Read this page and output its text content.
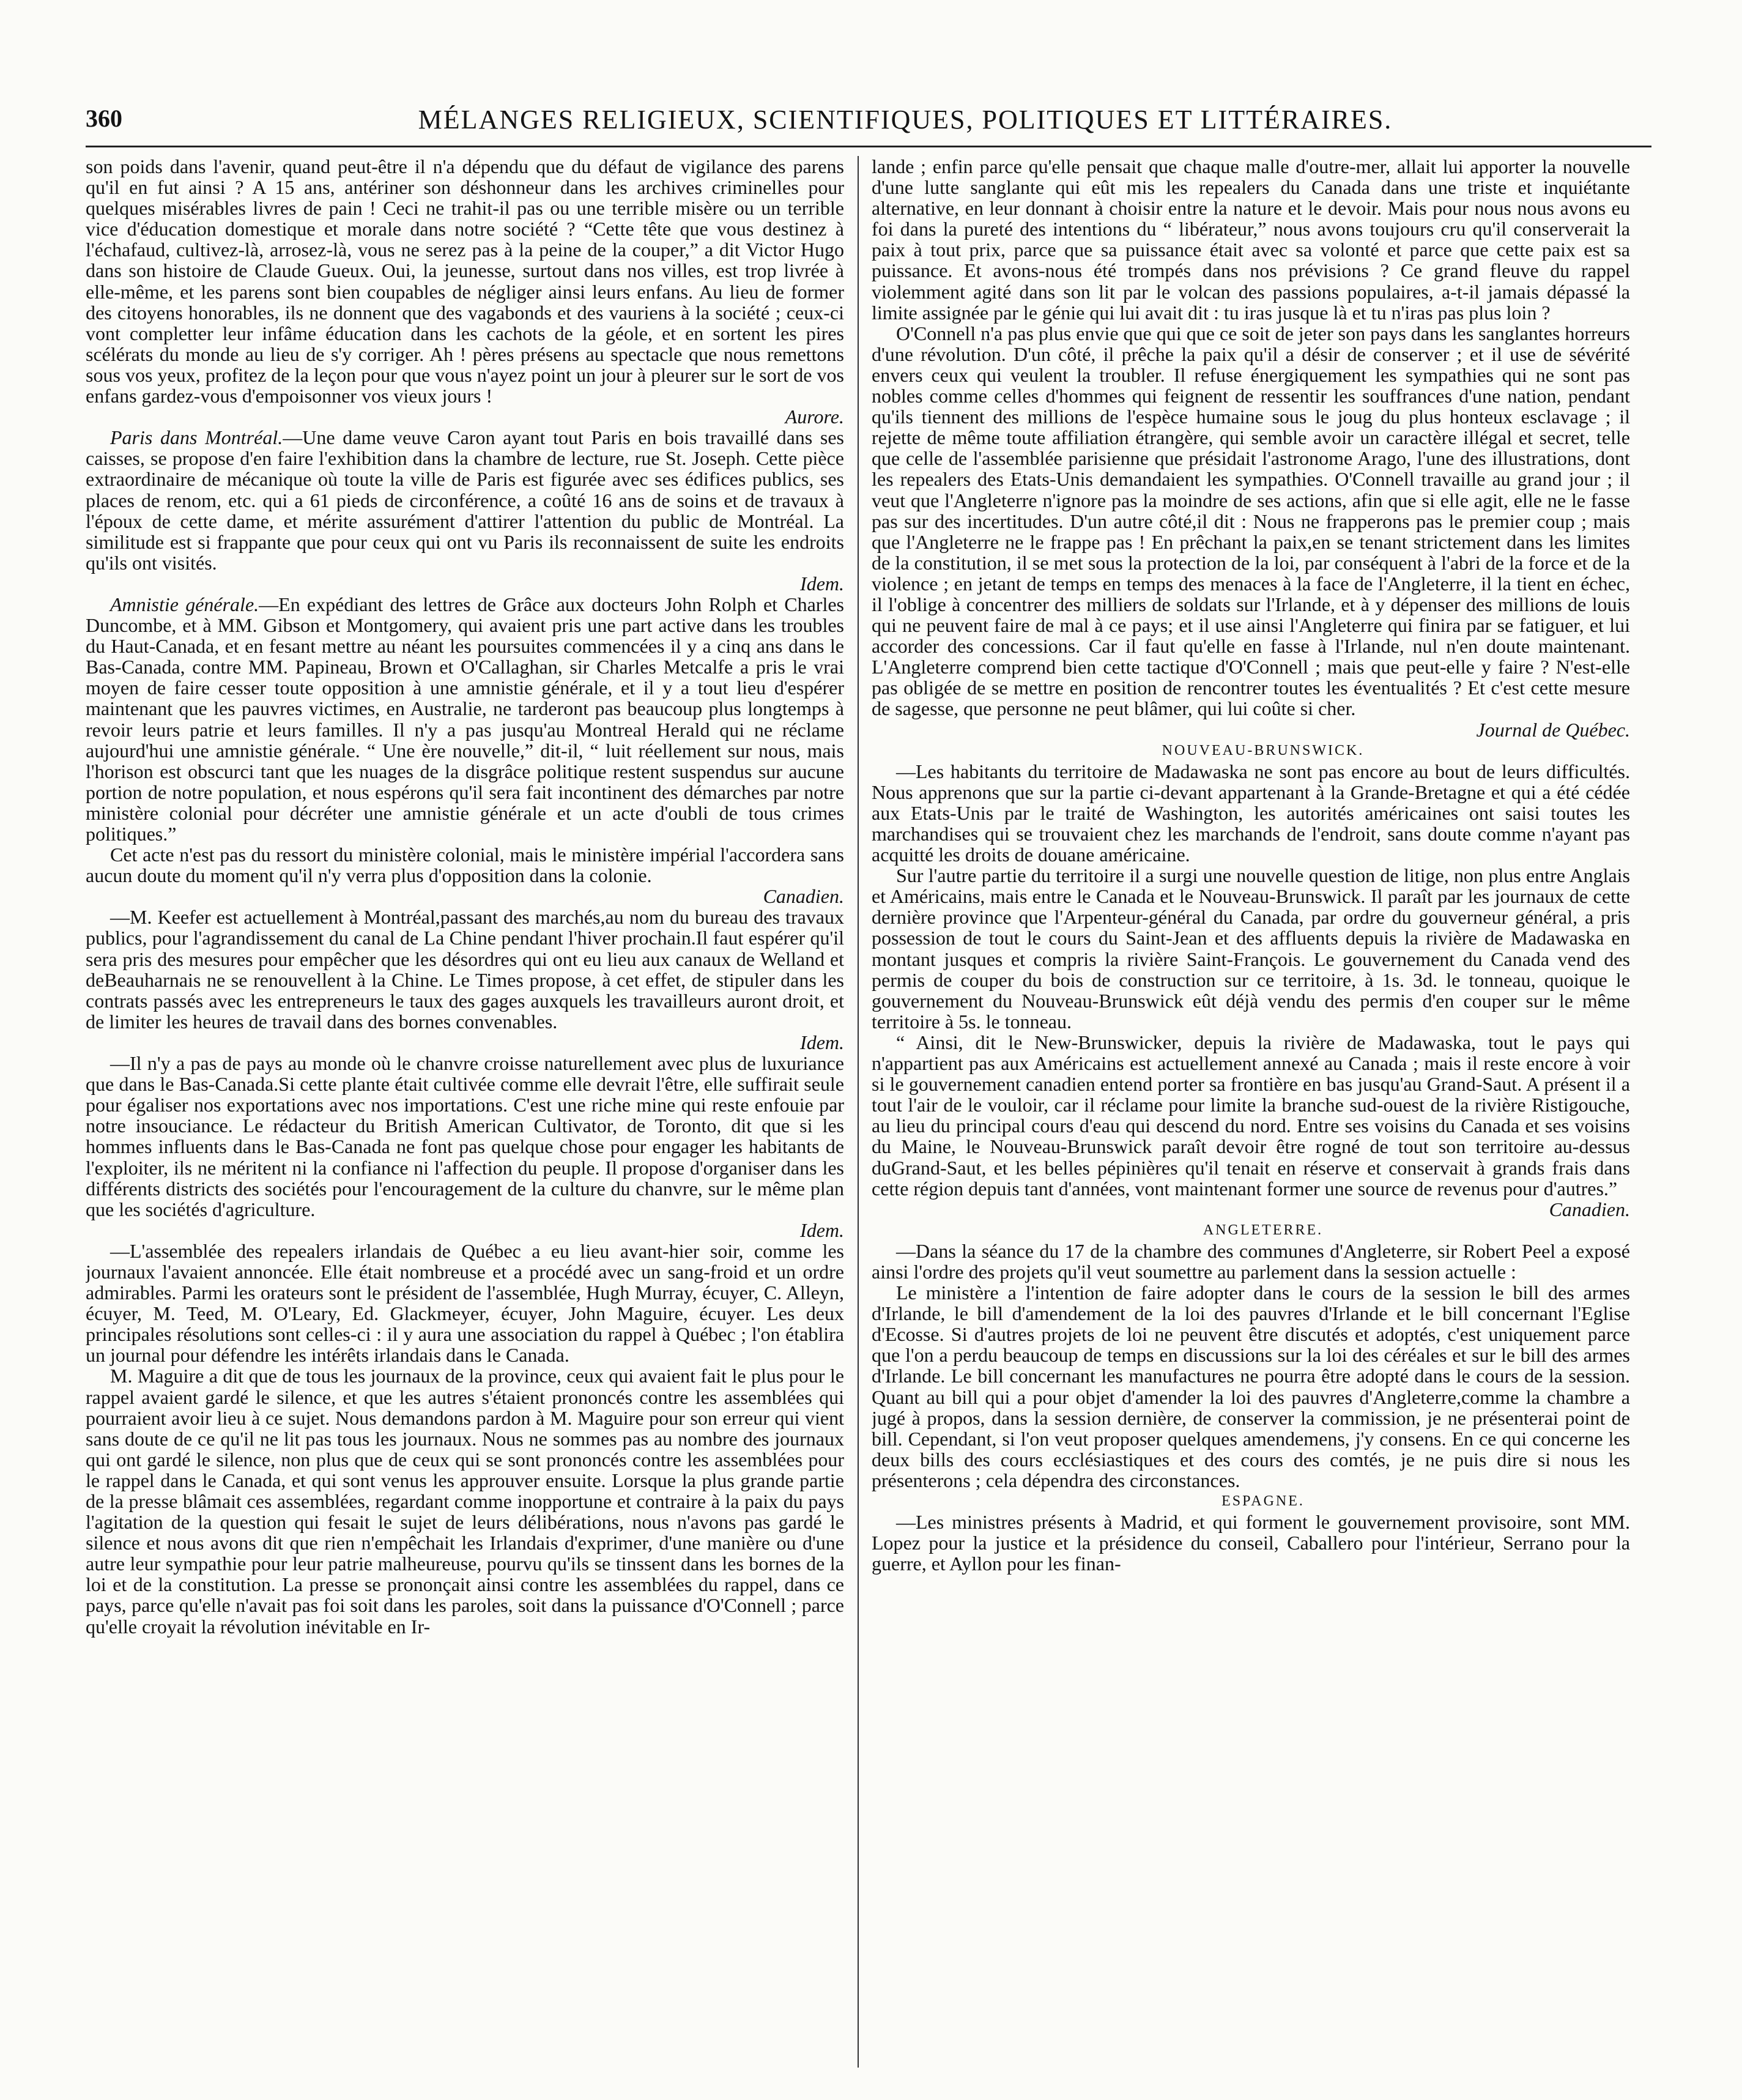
360	MÉLANGES RELIGIEUX, SCIENTIFIQUES, POLITIQUES ET LITTÉRAIRES.

son poids dans l'avenir, quand peut-être il n'a dépendu que du défaut de vigilance des parens qu'il en fut ainsi ? A 15 ans, antériner son déshonneur dans les archives criminelles pour quelques misérables livres de pain ! Ceci ne trahit-il pas ou une terrible misère ou un terrible vice d'éducation domestique et morale dans notre société ? “Cette tête que vous destinez à l'échafaud, cultivez-là, arrosez-là, vous ne serez pas à la peine de la couper,” a dit Victor Hugo dans son histoire de Claude Gueux. Oui, la jeunesse, surtout dans nos villes, est trop livrée à elle-même, et les parens sont bien coupables de négliger ainsi leurs enfans. Au lieu de former des citoyens honorables, ils ne donnent que des vagabonds et des vauriens à la société ; ceux-ci vont completter leur infâme éducation dans les cachots de la géole, et en sortent les pires scélérats du monde au lieu de s'y corriger. Ah ! pères présens au spectacle que nous remettons sous vos yeux, profitez de la leçon pour que vous n'ayez point un jour à pleurer sur le sort de vos enfans gardez-vous d'empoisonner vos vieux jours !

Aurore.

Paris dans Montréal.—Une dame veuve Caron ayant tout Paris en bois travaillé dans ses caisses, se propose d'en faire l'exhibition dans la chambre de lecture, rue St. Joseph. Cette pièce extraordinaire de mécanique où toute la ville de Paris est figurée avec ses édifices publics, ses places de renom, etc. qui a 61 pieds de circonférence, a coûté 16 ans de soins et de travaux à l'époux de cette dame, et mérite assurément d'attirer l'attention du public de Montréal. La similitude est si frappante que pour ceux qui ont vu Paris ils reconnaissent de suite les endroits qu'ils ont visités.

Idem.

Amnistie générale.—En expédiant des lettres de Grâce aux docteurs John Rolph et Charles Duncombe, et à MM. Gibson et Montgomery, qui avaient pris une part active dans les troubles du Haut-Canada, et en fesant mettre au néant les poursuites commencées il y a cinq ans dans le Bas-Canada, contre MM. Papineau, Brown et O'Callaghan, sir Charles Metcalfe a pris le vrai moyen de faire cesser toute opposition à une amnistie générale, et il y a tout lieu d'espérer maintenant que les pauvres victimes, en Australie, ne tarderont pas beaucoup plus longtemps à revoir leurs patrie et leurs familles. Il n'y a pas jusqu'au Montreal Herald qui ne réclame aujourd'hui une amnistie générale. “ Une ère nouvelle,” dit-il, “ luit réellement sur nous, mais l'horison est obscurci tant que les nuages de la disgrâce politique restent suspendus sur aucune portion de notre population, et nous espérons qu'il sera fait incontinent des démarches par notre ministère colonial pour décréter une amnistie générale et un acte d'oubli de tous crimes politiques.”

Cet acte n'est pas du ressort du ministère colonial, mais le ministère impérial l'accordera sans aucun doute du moment qu'il n'y verra plus d'opposition dans la colonie.

Canadien.

—M. Keefer est actuellement à Montréal,passant des marchés,au nom du bureau des travaux publics, pour l'agrandissement du canal de La Chine pendant l'hiver prochain.Il faut espérer qu'il sera pris des mesures pour empêcher que les désordres qui ont eu lieu aux canaux de Welland et deBeauharnais ne se renouvellent à la Chine. Le Times propose, à cet effet, de stipuler dans les contrats passés avec les entrepreneurs le taux des gages auxquels les travailleurs auront droit, et de limiter les heures de travail dans des bornes convenables.

Idem.

—Il n'y a pas de pays au monde où le chanvre croisse naturellement avec plus de luxuriance que dans le Bas-Canada.Si cette plante était cultivée comme elle devrait l'être, elle suffirait seule pour égaliser nos exportations avec nos importations. C'est une riche mine qui reste enfouie par notre insouciance. Le rédacteur du British American Cultivator, de Toronto, dit que si les hommes influents dans le Bas-Canada ne font pas quelque chose pour engager les habitants de l'exploiter, ils ne méritent ni la confiance ni l'affection du peuple. Il propose d'organiser dans les différents districts des sociétés pour l'encouragement de la culture du chanvre, sur le même plan que les sociétés d'agriculture.

Idem.

—L'assemblée des repealers irlandais de Québec a eu lieu avant-hier soir, comme les journaux l'avaient annoncée. Elle était nombreuse et a procédé avec un sang-froid et un ordre admirables. Parmi les orateurs sont le président de l'assemblée, Hugh Murray, écuyer, C. Alleyn, écuyer, M. Teed, M. O'Leary, Ed. Glackmeyer, écuyer, John Maguire, écuyer. Les deux principales résolutions sont celles-ci : il y aura une association du rappel à Québec ; l'on établira un journal pour défendre les intérêts irlandais dans le Canada.

M. Maguire a dit que de tous les journaux de la province, ceux qui avaient fait le plus pour le rappel avaient gardé le silence, et que les autres s'étaient prononcés contre les assemblées qui pourraient avoir lieu à ce sujet. Nous demandons pardon à M. Maguire pour son erreur qui vient sans doute de ce qu'il ne lit pas tous les journaux. Nous ne sommes pas au nombre des journaux qui ont gardé le silence, non plus que de ceux qui se sont prononcés contre les assemblées pour le rappel dans le Canada, et qui sont venus les approuver ensuite. Lorsque la plus grande partie de la presse blâmait ces assemblées, regardant comme inopportune et contraire à la paix du pays l'agitation de la question qui fesait le sujet de leurs délibérations, nous n'avons pas gardé le silence et nous avons dit que rien n'empêchait les Irlandais d'exprimer, d'une manière ou d'une autre leur sympathie pour leur patrie malheureuse, pourvu qu'ils se tinssent dans les bornes de la loi et de la constitution. La presse se prononçait ainsi contre les assemblées du rappel, dans ce pays, parce qu'elle n'avait pas foi soit dans les paroles, soit dans la puissance d'O'Connell ; parce qu'elle croyait la révolution inévitable en Ir-

lande ; enfin parce qu'elle pensait que chaque malle d'outre-mer, allait lui apporter la nouvelle d'une lutte sanglante qui eût mis les repealers du Canada dans une triste et inquiétante alternative, en leur donnant à choisir entre la nature et le devoir. Mais pour nous nous avons eu foi dans la pureté des intentions du “ libérateur,” nous avons toujours cru qu'il conserverait la paix à tout prix, parce que sa puissance était avec sa volonté et parce que cette paix est sa puissance. Et avons-nous été trompés dans nos prévisions ? Ce grand fleuve du rappel violemment agité dans son lit par le volcan des passions populaires, a-t-il jamais dépassé la limite assignée par le génie qui lui avait dit : tu iras jusque là et tu n'iras pas plus loin ?

O'Connell n'a pas plus envie que qui que ce soit de jeter son pays dans les sanglantes horreurs d'une révolution. D'un côté, il prêche la paix qu'il a désir de conserver ; et il use de sévérité envers ceux qui veulent la troubler. Il refuse énergiquement les sympathies qui ne sont pas nobles comme celles d'hommes qui feignent de ressentir les souffrances d'une nation, pendant qu'ils tiennent des millions de l'espèce humaine sous le joug du plus honteux esclavage ; il rejette de même toute affiliation étrangère, qui semble avoir un caractère illégal et secret, telle que celle de l'assemblée parisienne que présidait l'astronome Arago, l'une des illustrations, dont les repealers des Etats-Unis demandaient les sympathies. O'Connell travaille au grand jour ; il veut que l'Angleterre n'ignore pas la moindre de ses actions, afin que si elle agit, elle ne le fasse pas sur des incertitudes. D'un autre côté,il dit : Nous ne frapperons pas le premier coup ; mais que l'Angleterre ne le frappe pas ! En prêchant la paix,en se tenant strictement dans les limites de la constitution, il se met sous la protection de la loi, par conséquent à l'abri de la force et de la violence ; en jetant de temps en temps des menaces à la face de l'Angleterre, il la tient en échec, il l'oblige à concentrer des milliers de soldats sur l'Irlande, et à y dépenser des millions de louis qui ne peuvent faire de mal à ce pays; et il use ainsi l'Angleterre qui finira par se fatiguer, et lui accorder des concessions. Car il faut qu'elle en fasse à l'Irlande, nul n'en doute maintenant. L'Angleterre comprend bien cette tactique d'O'Connell ; mais que peut-elle y faire ? N'est-elle pas obligée de se mettre en position de rencontrer toutes les éventualités ? Et c'est cette mesure de sagesse, que personne ne peut blâmer, qui lui coûte si cher.

Journal de Québec.

NOUVEAU-BRUNSWICK.

—Les habitants du territoire de Madawaska ne sont pas encore au bout de leurs difficultés. Nous apprenons que sur la partie ci-devant appartenant à la Grande-Bretagne et qui a été cédée aux Etats-Unis par le traité de Washington, les autorités américaines ont saisi toutes les marchandises qui se trouvaient chez les marchands de l'endroit, sans doute comme n'ayant pas acquitté les droits de douane américaine.

Sur l'autre partie du territoire il a surgi une nouvelle question de litige, non plus entre Anglais et Américains, mais entre le Canada et le Nouveau-Brunswick. Il paraît par les journaux de cette dernière province que l'Arpenteur-général du Canada, par ordre du gouverneur général, a pris possession de tout le cours du Saint-Jean et des affluents depuis la rivière de Madawaska en montant jusques et compris la rivière Saint-François. Le gouvernement du Canada vend des permis de couper du bois de construction sur ce territoire, à 1s. 3d. le tonneau, quoique le gouvernement du Nouveau-Brunswick eût déjà vendu des permis d'en couper sur le même territoire à 5s. le tonneau.

“ Ainsi, dit le New-Brunswicker, depuis la rivière de Madawaska, tout le pays qui n'appartient pas aux Américains est actuellement annexé au Canada ; mais il reste encore à voir si le gouvernement canadien entend porter sa frontière en bas jusqu'au Grand-Saut. A présent il a tout l'air de le vouloir, car il réclame pour limite la branche sud-ouest de la rivière Ristigouche, au lieu du principal cours d'eau qui descend du nord. Entre ses voisins du Canada et ses voisins du Maine, le Nouveau-Brunswick paraît devoir être rogné de tout son territoire au-dessus duGrand-Saut, et les belles pépinières qu'il tenait en réserve et conservait à grands frais dans cette région depuis tant d'années, vont maintenant former une source de revenus pour d'autres.”

Canadien.

ANGLETERRE.

—Dans la séance du 17 de la chambre des communes d'Angleterre, sir Robert Peel a exposé ainsi l'ordre des projets qu'il veut soumettre au parlement dans la session actuelle :

Le ministère a l'intention de faire adopter dans le cours de la session le bill des armes d'Irlande, le bill d'amendement de la loi des pauvres d'Irlande et le bill concernant l'Eglise d'Ecosse. Si d'autres projets de loi ne peuvent être discutés et adoptés, c'est uniquement parce que l'on a perdu beaucoup de temps en discussions sur la loi des céréales et sur le bill des armes d'Irlande. Le bill concernant les manufactures ne pourra être adopté dans le cours de la session. Quant au bill qui a pour objet d'amender la loi des pauvres d'Angleterre,comme la chambre a jugé à propos, dans la session dernière, de conserver la commission, je ne présenterai point de bill. Cependant, si l'on veut proposer quelques amendemens, j'y consens. En ce qui concerne les deux bills des cours ecclésiastiques et des cours des comtés, je ne puis dire si nous les présenterons ; cela dépendra des circonstances.

ESPAGNE.

—Les ministres présents à Madrid, et qui forment le gouvernement provisoire, sont MM. Lopez pour la justice et la présidence du conseil, Caballero pour l'intérieur, Serrano pour la guerre, et Ayllon pour les finan-
